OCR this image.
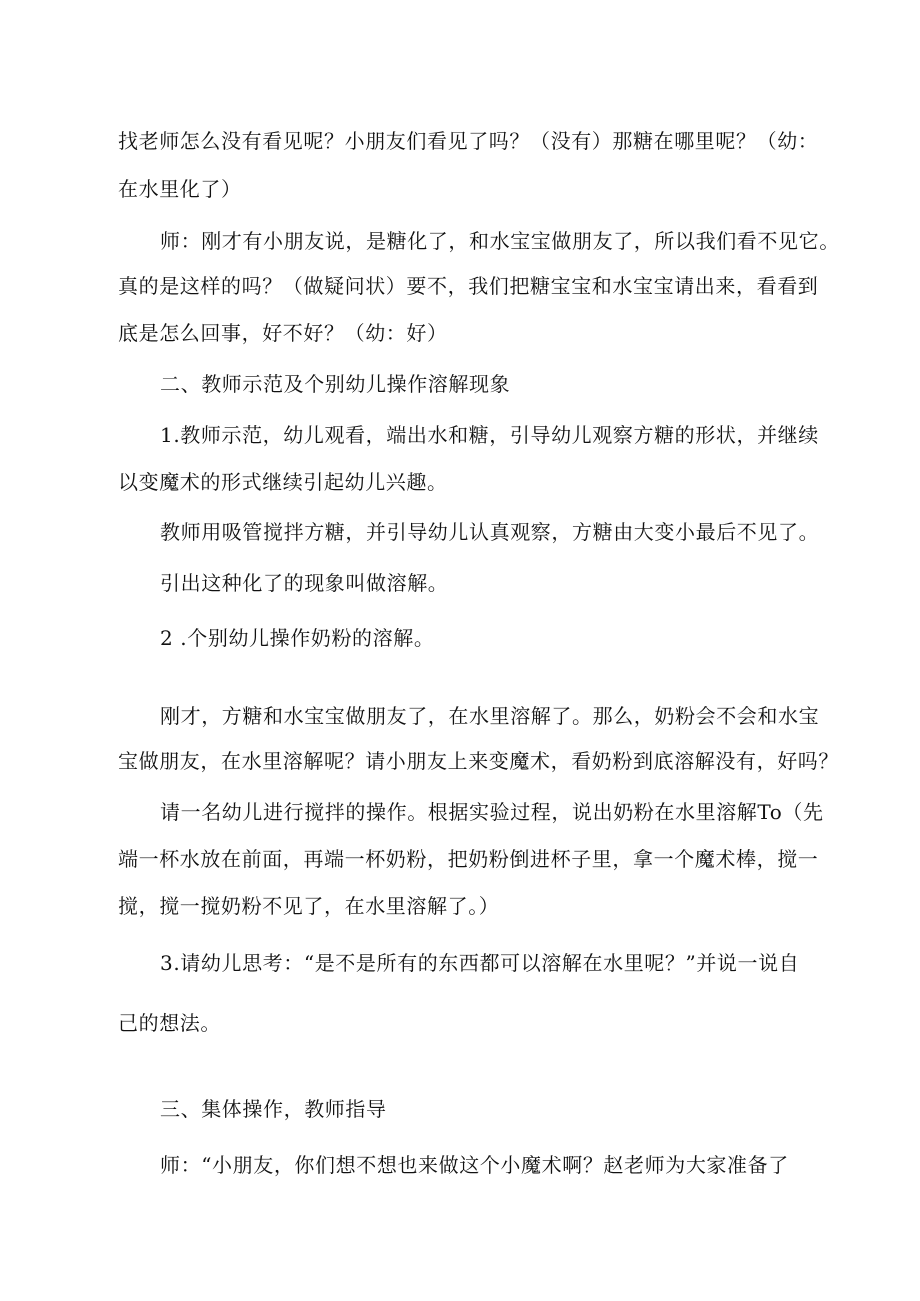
找老师怎么没有看见呢？小朋友们看见了吗？（没有）那糖在哪里呢？（幼：
在水里化了）
师：刚才有小朋友说，是糖化了，和水宝宝做朋友了，所以我们看不见它。
真的是这样的吗？（做疑问状）要不，我们把糖宝宝和水宝宝请出来，看看到
底是怎么回事，好不好？（幼：好）
二、教师示范及个别幼儿操作溶解现象
1.教师示范，幼儿观看，端出水和糖，引导幼儿观察方糖的形状，并继续
以变魔术的形式继续引起幼儿兴趣。
教师用吸管搅拌方糖，并引导幼儿认真观察，方糖由大变小最后不见了。
引出这种化了的现象叫做溶解。
2 .个别幼儿操作奶粉的溶解。
刚才，方糖和水宝宝做朋友了，在水里溶解了。那么，奶粉会不会和水宝
宝做朋友，在水里溶解呢？请小朋友上来变魔术，看奶粉到底溶解没有，好吗？
请一名幼儿进行搅拌的操作。根据实验过程，说出奶粉在水里溶解To（先
端一杯水放在前面，再端一杯奶粉，把奶粉倒进杯子里，拿一个魔术棒，搅一
搅，搅一搅奶粉不见了，在水里溶解了。）
3.请幼儿思考：“是不是所有的东西都可以溶解在水里呢？”并说一说自
己的想法。
三、集体操作，教师指导
师：“小朋友，你们想不想也来做这个小魔术啊？赵老师为大家准备了
